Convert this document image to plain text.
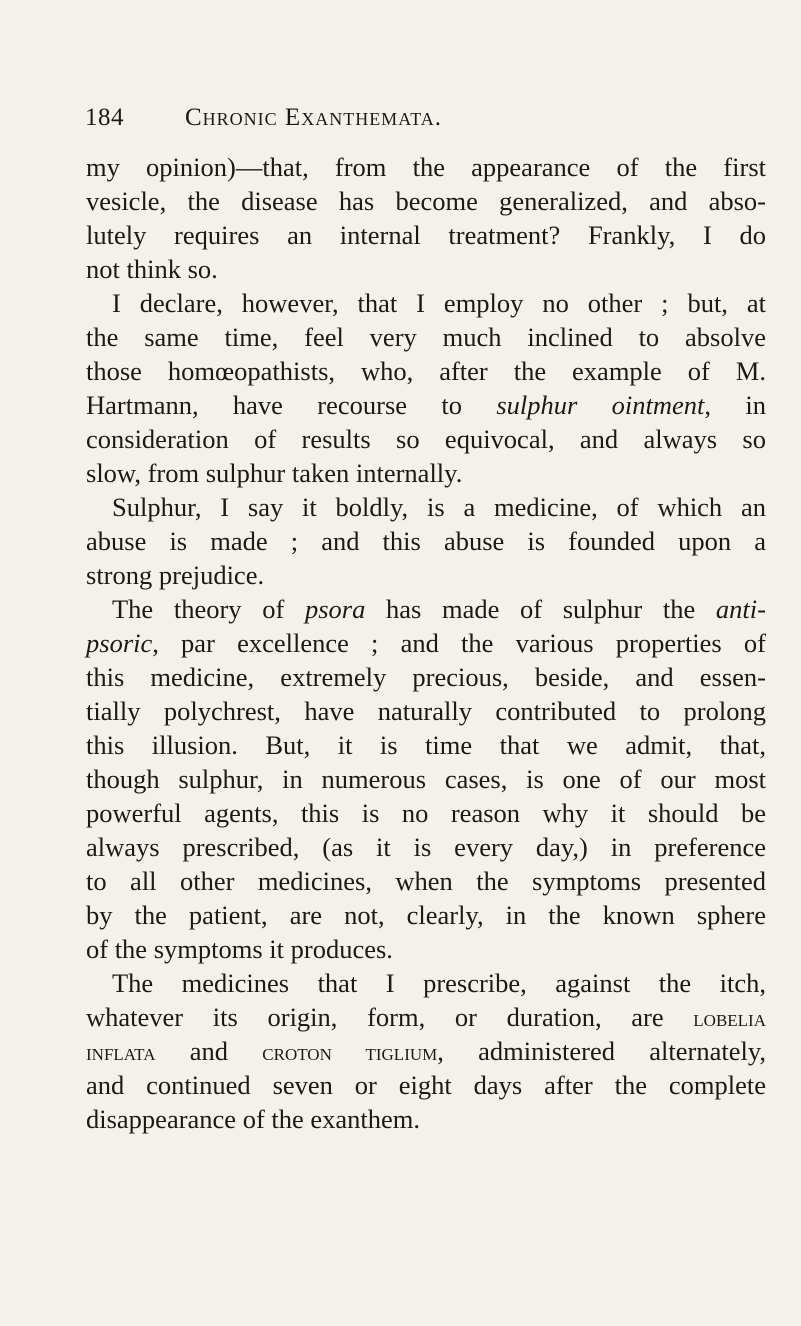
184 Chronic Exanthemata.
my opinion)—that, from the appearance of the first
vesicle, the disease has become generalized, and abso-
lutely requires an internal treatment? Frankly, I do
not think so.
I declare, however, that I employ no other ; but, at
the same time, feel very much inclined to absolve
those homœopathists, who, after the example of M.
Hartmann, have recourse to sulphur ointment, in
consideration of results so equivocal, and always so
slow, from sulphur taken internally.
Sulphur, I say it boldly, is a medicine, of which an
abuse is made ; and this abuse is founded upon a
strong prejudice.
The theory of psora has made of sulphur the anti-
psoric, par excellence ; and the various properties of
this medicine, extremely precious, beside, and essen-
tially polychrest, have naturally contributed to prolong
this illusion. But, it is time that we admit, that,
though sulphur, in numerous cases, is one of our most
powerful agents, this is no reason why it should be
always prescribed, (as it is every day,) in preference
to all other medicines, when the symptoms presented
by the patient, are not, clearly, in the known sphere
of the symptoms it produces.
The medicines that I prescribe, against the itch,
whatever its origin, form, or duration, are lobelia
inflata and croton tiglium, administered alternately,
and continued seven or eight days after the complete
disappearance of the exanthem.
